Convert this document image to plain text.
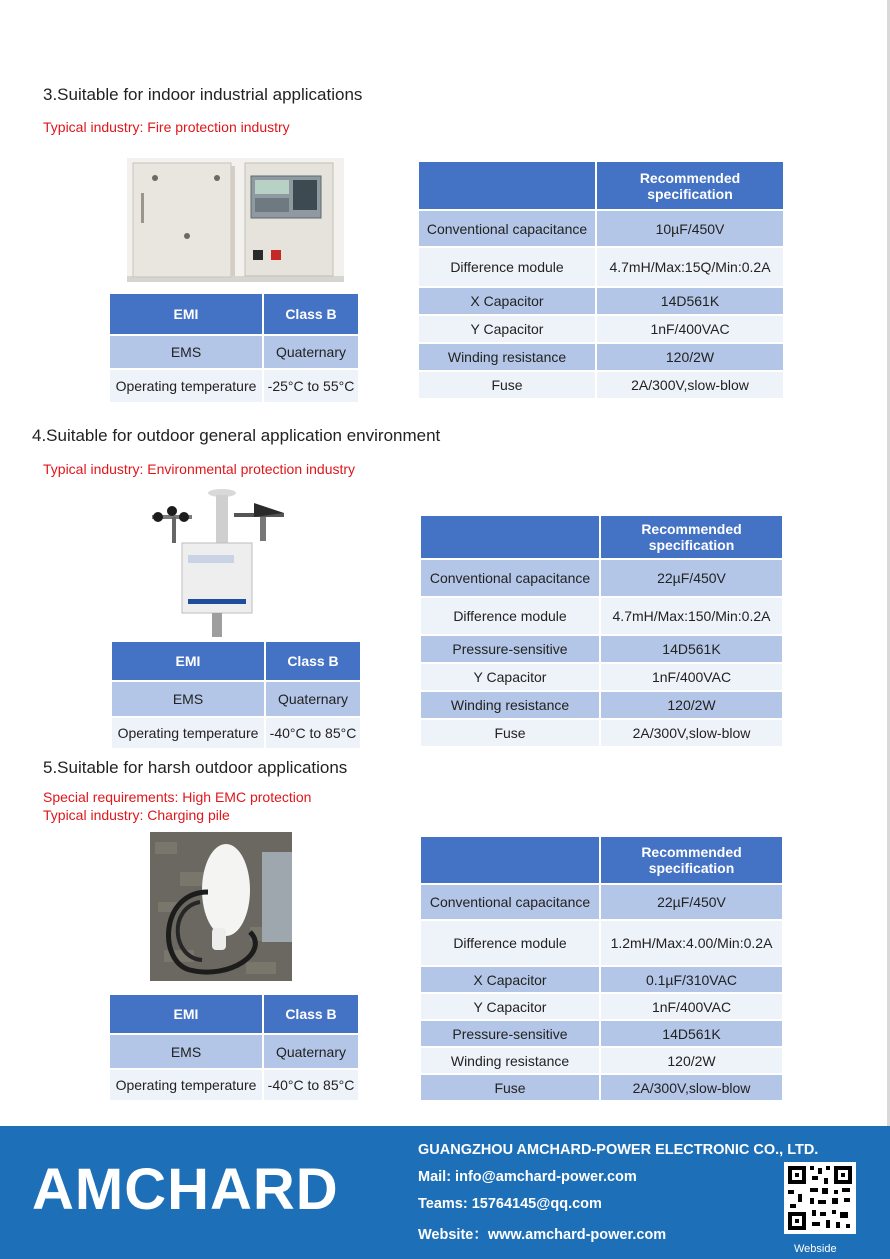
3.Suitable for indoor industrial applications
Typical industry: Fire protection industry
EMI	Class B
EMS	Quaternary
Operating temperature	-25°C to 55°C
	Recommended specification
Conventional capacitance	10µF/450V
Difference module	4.7mH/Max:15Q/Min:0.2A
X Capacitor	14D561K
Y Capacitor	1nF/400VAC
Winding resistance	120/2W
Fuse	2A/300V,slow-blow
4.Suitable for outdoor general application environment
Typical industry: Environmental protection industry
EMI	Class B
EMS	Quaternary
Operating temperature	-40°C to 85°C
	Recommended specification
Conventional capacitance	22µF/450V
Difference module	4.7mH/Max:150/Min:0.2A
Pressure-sensitive	14D561K
Y Capacitor	1nF/400VAC
Winding resistance	120/2W
Fuse	2A/300V,slow-blow
5.Suitable for harsh outdoor applications
Special requirements: High EMC protection
Typical industry: Charging pile
EMI	Class B
EMS	Quaternary
Operating temperature	-40°C to 85°C
	Recommended specification
Conventional capacitance	22µF/450V
Difference module	1.2mH/Max:4.00/Min:0.2A
X Capacitor	0.1µF/310VAC
Y Capacitor	1nF/400VAC
Pressure-sensitive	14D561K
Winding resistance	120/2W
Fuse	2A/300V,slow-blow
AMCHARD
GUANGZHOU AMCHARD-POWER ELECTRONIC CO., LTD.
Mail: info@amchard-power.com
Teams: 15764145@qq.com
Website：www.amchard-power.com
Webside
